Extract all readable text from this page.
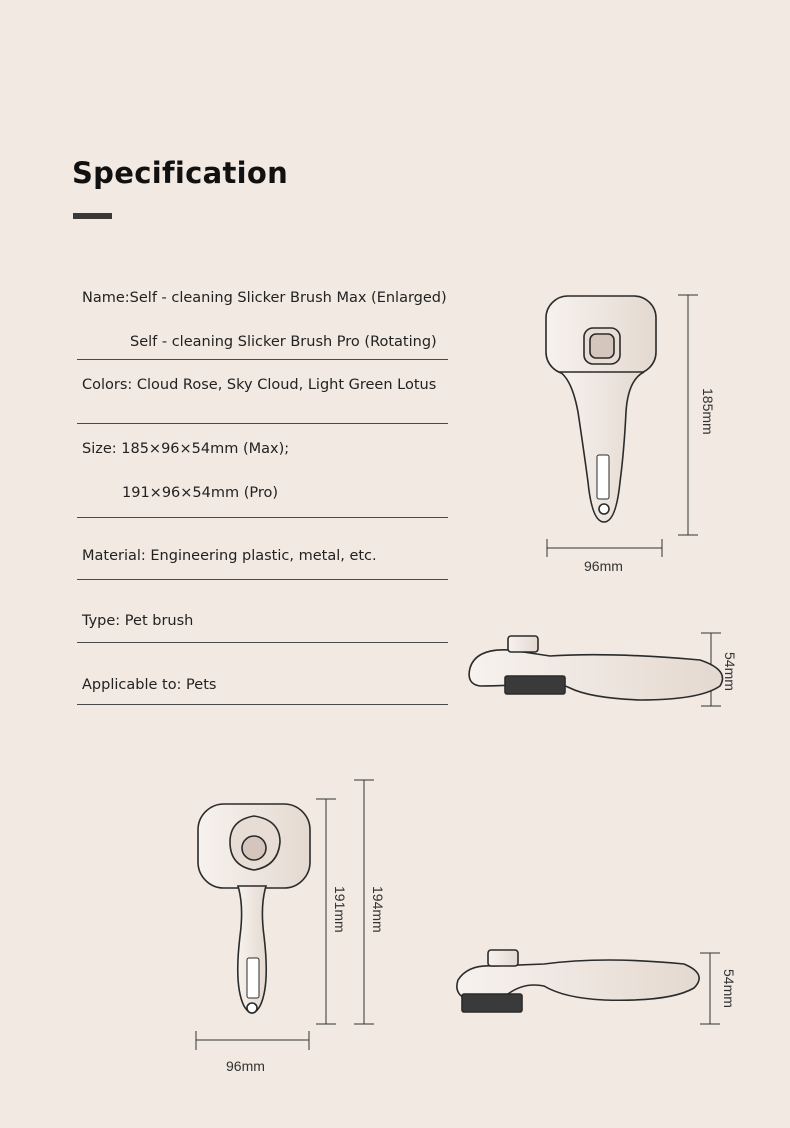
Specification
Name:Self - cleaning Slicker Brush Max (Enlarged)
Self - cleaning Slicker Brush Pro (Rotating)
Colors: Cloud Rose, Sky Cloud, Light Green Lotus
Size: 185×96×54mm (Max);
191×96×54mm (Pro)
Material: Engineering plastic, metal, etc.
Type: Pet brush
Applicable to: Pets
185mm
96mm
54mm
191mm 194mm
96mm
54mm
